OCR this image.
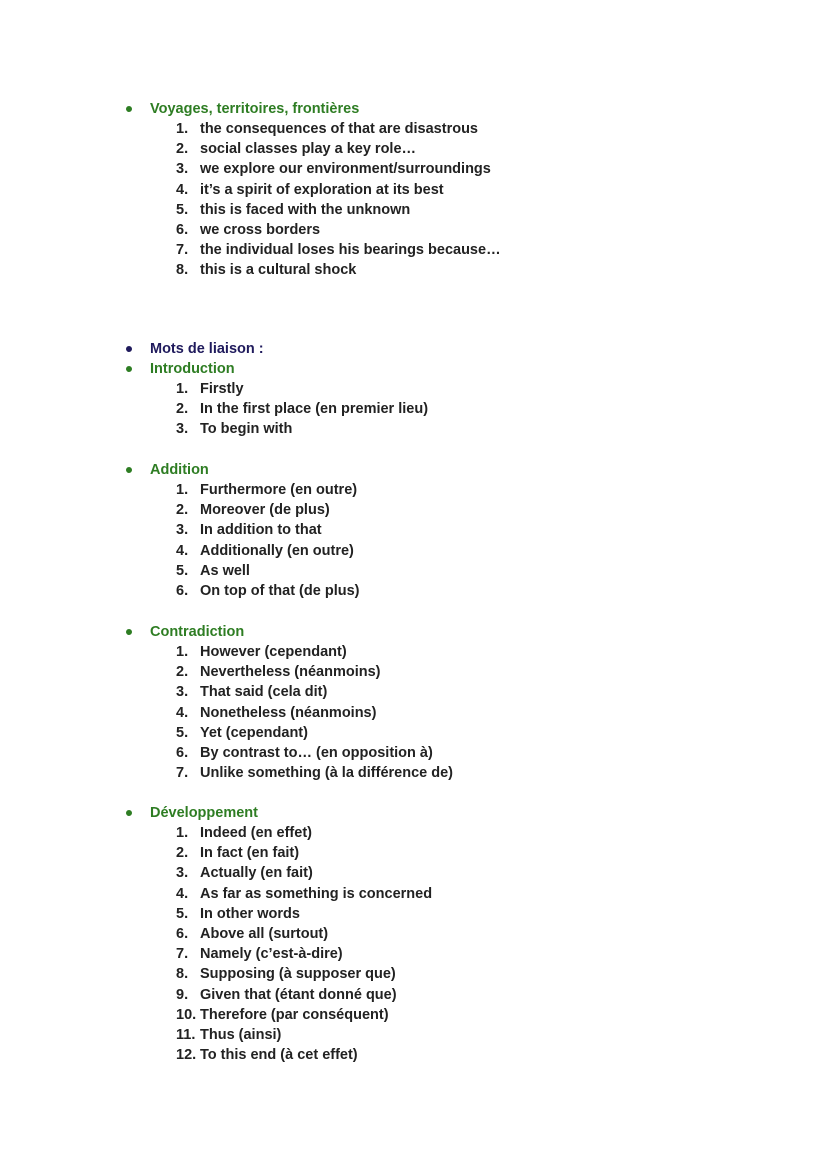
Voyages, territoires, frontières
1. the consequences of that are disastrous
2. social classes play a key role…
3. we explore our environment/surroundings
4. it’s a spirit of exploration at its best
5. this is faced with the unknown
6. we cross borders
7. the individual loses his bearings because…
8. this is a cultural shock
Mots de liaison :
Introduction
1. Firstly
2. In the first place (en premier lieu)
3. To begin with
Addition
1. Furthermore (en outre)
2. Moreover (de plus)
3. In addition to that
4. Additionally (en outre)
5. As well
6. On top of that (de plus)
Contradiction
1. However (cependant)
2. Nevertheless (néanmoins)
3. That said (cela dit)
4. Nonetheless (néanmoins)
5. Yet (cependant)
6. By contrast to… (en opposition à)
7. Unlike something (à la différence de)
Développement
1. Indeed (en effet)
2. In fact (en fait)
3. Actually (en fait)
4. As far as something is concerned
5. In other words
6. Above all (surtout)
7. Namely (c’est-à-dire)
8. Supposing (à supposer que)
9. Given that (étant donné que)
10. Therefore (par conséquent)
11. Thus (ainsi)
12. To this end (à cet effet)
